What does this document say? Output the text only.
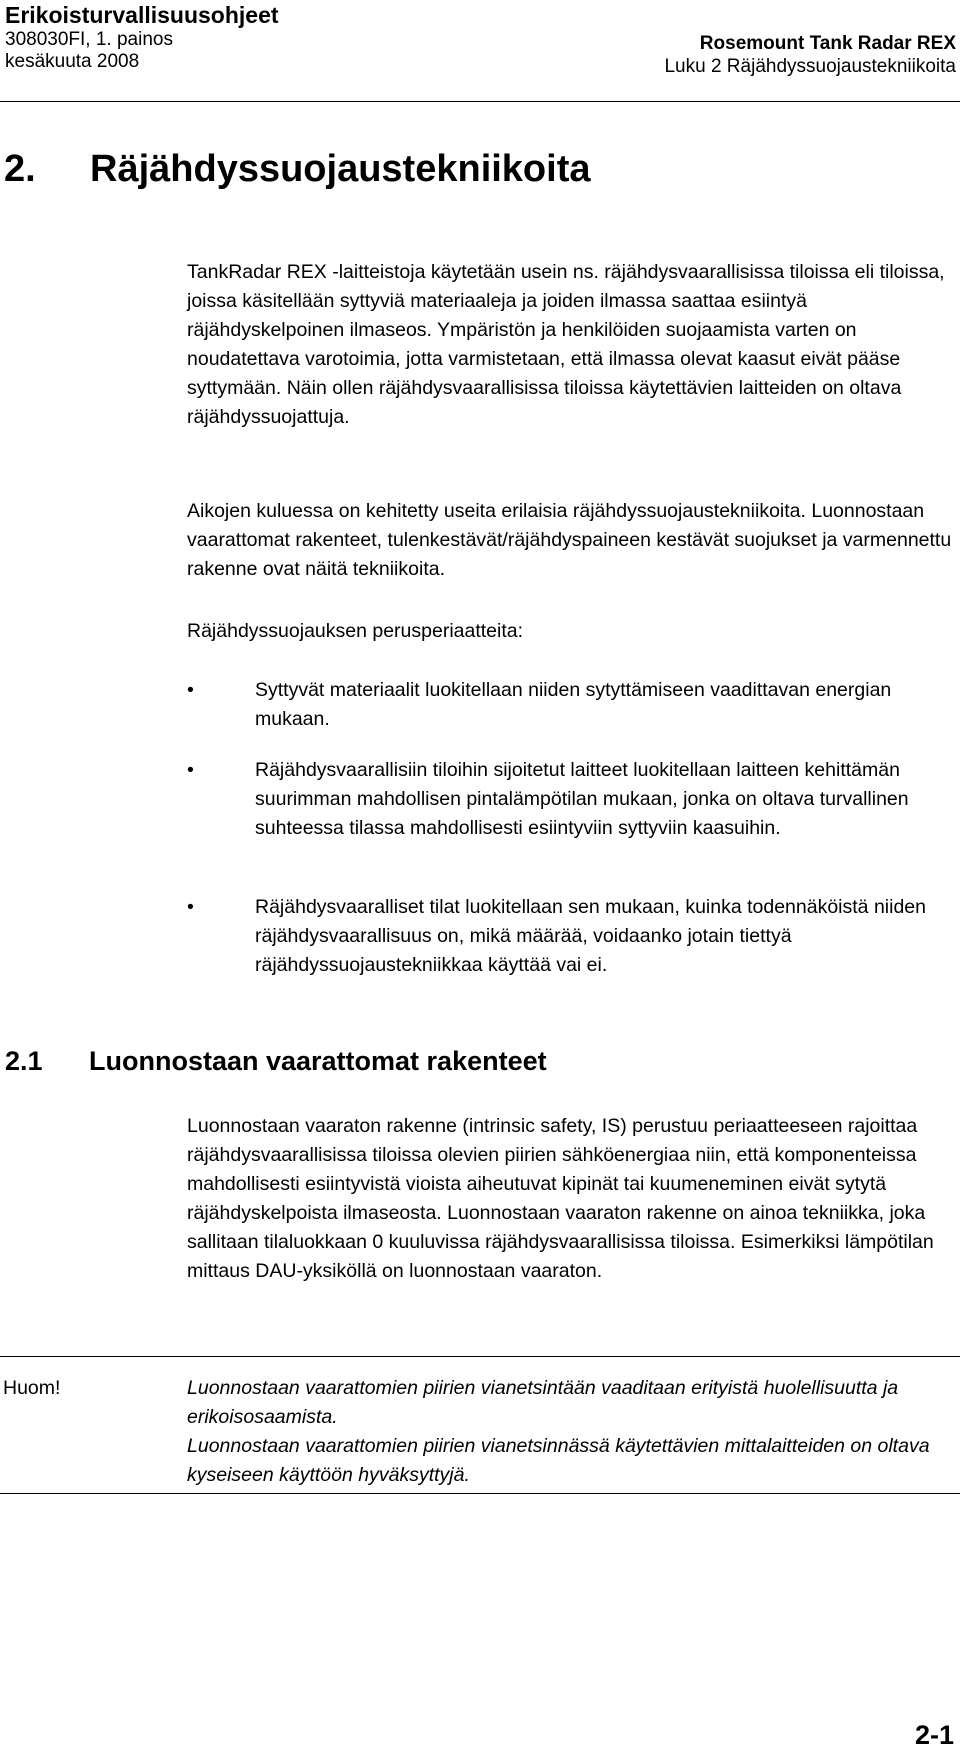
Erikoisturvallisuusohjeet
308030FI, 1. painos
kesäkuuta 2008
Rosemount Tank Radar REX
Luku 2 Räjähdyssuojaustekniikoita
2. Räjähdyssuojaustekniikoita

TankRadar REX -laitteistoja käytetään usein ns. räjähdysvaarallisissa tiloissa eli tiloissa, joissa käsitellään syttyviä materiaaleja ja joiden ilmassa saattaa esiintyä räjähdyskelpoinen ilmaseos. Ympäristön ja henkilöiden suojaamista varten on noudatettava varotoimia, jotta varmistetaan, että ilmassa olevat kaasut eivät pääse syttymään. Näin ollen räjähdysvaarallisissa tiloissa käytettävien laitteiden on oltava räjähdyssuojattuja.

Aikojen kuluessa on kehitetty useita erilaisia räjähdyssuojaustekniikoita. Luonnostaan vaarattomat rakenteet, tulenkestävät/räjähdyspaineen kestävät suojukset ja varmennettu rakenne ovat näitä tekniikoita.

Räjähdyssuojauksen perusperiaatteita:

•	Syttyvät materiaalit luokitellaan niiden sytyttämiseen vaadittavan energian mukaan.
•	Räjähdysvaarallisiin tiloihin sijoitetut laitteet luokitellaan laitteen kehittämän suurimman mahdollisen pintalämpötilan mukaan, jonka on oltava turvallinen suhteessa tilassa mahdollisesti esiintyviin syttyviin kaasuihin.
•	Räjähdysvaaralliset tilat luokitellaan sen mukaan, kuinka todennäköistä niiden räjähdysvaarallisuus on, mikä määrää, voidaanko jotain tiettyä räjähdyssuojaustekniikkaa käyttää vai ei.
2.1 Luonnostaan vaarattomat rakenteet

Luonnostaan vaaraton rakenne (intrinsic safety, IS) perustuu periaatteeseen rajoittaa räjähdysvaarallisissa tiloissa olevien piirien sähköenergiaa niin, että komponenteissa mahdollisesti esiintyvistä vioista aiheutuvat kipinät tai kuumeneminen eivät sytytä räjähdyskelpoista ilmaseosta. Luonnostaan vaaraton rakenne on ainoa tekniikka, joka sallitaan tilaluokkaan 0 kuuluvissa räjähdysvaarallisissa tiloissa. Esimerkiksi lämpötilan mittaus DAU-yksiköllä on luonnostaan vaaraton.

Huom!	Luonnostaan vaarattomien piirien vianetsintään vaaditaan erityistä huolellisuutta ja erikoisosaamista.

Luonnostaan vaarattomien piirien vianetsinnässä käytettävien mittalaitteiden on oltava kyseiseen käyttöön hyväksyttyjä.

2-1
